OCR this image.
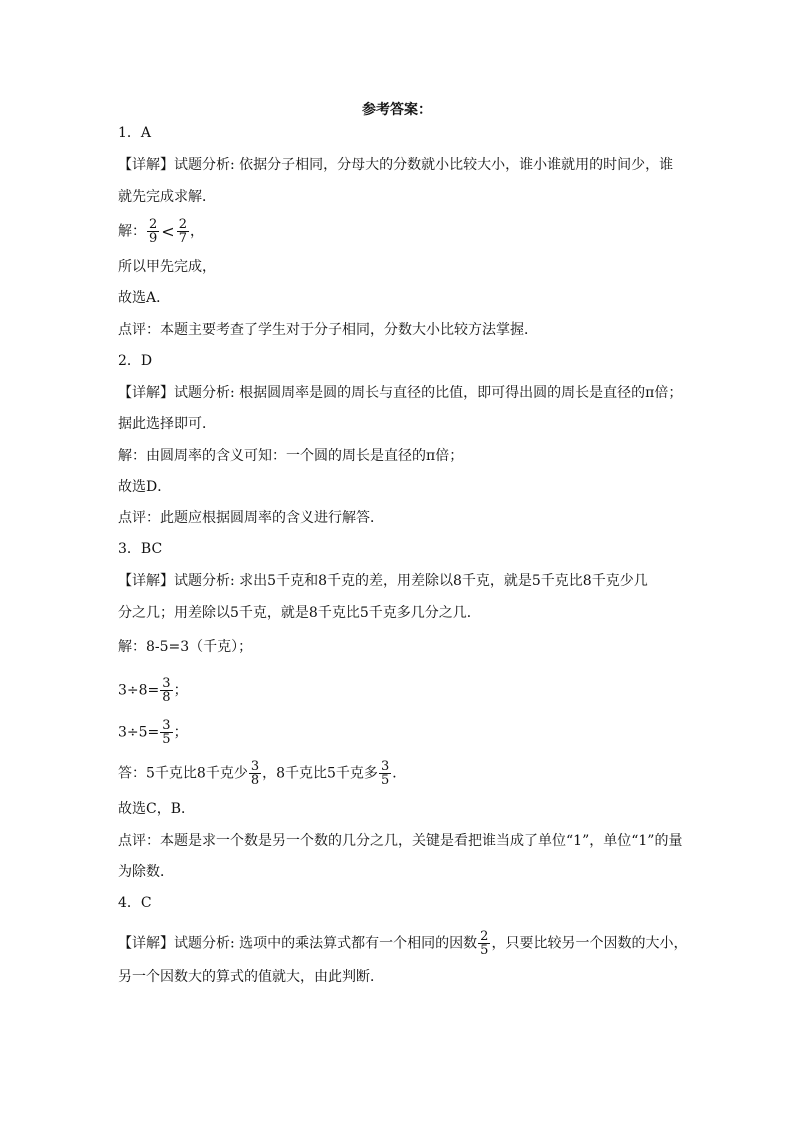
参考答案：
1．A
【详解】试题分析: 依据分子相同，分母大的分数就小比较大小，谁小谁就用的时间少，谁
就先完成求解．
解： $\frac{2}{9} < \frac{2}{7}$ ，
所以甲先完成，
故选A．
点评：本题主要考查了学生对于分子相同，分数大小比较方法掌握．
2．D
【详解】试题分析: 根据圆周率是圆的周长与直径的比值，即可得出圆的周长是直径的π倍；
据此选择即可．
解：由圆周率的含义可知：一个圆的周长是直径的π倍；
故选D．
点评：此题应根据圆周率的含义进行解答．
3．BC
【详解】试题分析: 求出5千克和8千克的差，用差除以8千克，就是5千克比8千克少几
分之几；用差除以5千克，就是8千克比5千克多几分之几．
解：8-5=3（千克）；
$3\div 8= \frac{3}{8}$ ；
$3\div 5= \frac{3}{5}$ ；
答：5千克比8千克少 $\frac{3}{8}$ ，8千克比5千克多 $\frac{3}{5}$ ．
故选C，B．
点评：本题是求一个数是另一个数的几分之几，关键是看把谁当成了单位“1”，单位“1”的量
为除数．
4．C
【详解】试题分析: 选项中的乘法算式都有一个相同的因数 $\frac{2}{5}$ ，只要比较另一个因数的大小，
另一个因数大的算式的值就大，由此判断．
